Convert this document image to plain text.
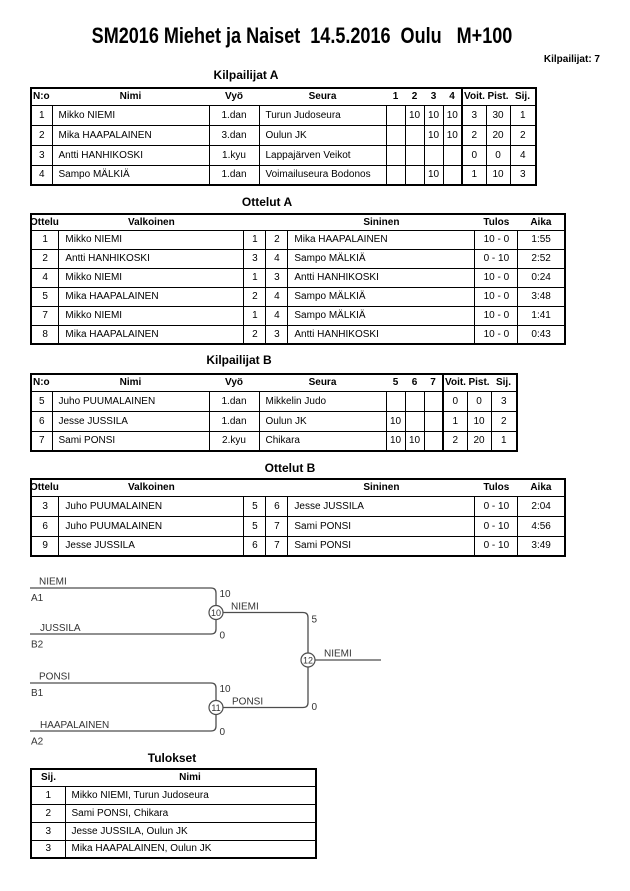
SM2016 Miehet ja Naiset  14.5.2016  Oulu   M+100
Kilpailijat: 7
Kilpailijat A
N:o	Nimi	Vyö	Seura	1	2	3	4	Voit.	Pist.	Sij.
1	Mikko NIEMI	1.dan	Turun Judoseura		10	10	10	3	30	1
2	Mika HAAPALAINEN	3.dan	Oulun JK			10	10	2	20	2
3	Antti HANHIKOSKI	1.kyu	Lappajärven Veikot					0	0	4
4	Sampo MÄLKIÄ	1.dan	Voimailuseura Bodonos			10		1	10	3
Ottelut A
Ottelu	Valkoinen			Sininen	Tulos	Aika
1	Mikko NIEMI	1	2	Mika HAAPALAINEN	10 - 0	1:55
2	Antti HANHIKOSKI	3	4	Sampo MÄLKIÄ	0 - 10	2:52
4	Mikko NIEMI	1	3	Antti HANHIKOSKI	10 - 0	0:24
5	Mika HAAPALAINEN	2	4	Sampo MÄLKIÄ	10 - 0	3:48
7	Mikko NIEMI	1	4	Sampo MÄLKIÄ	10 - 0	1:41
8	Mika HAAPALAINEN	2	3	Antti HANHIKOSKI	10 - 0	0:43
Kilpailijat B
N:o	Nimi	Vyö	Seura	5	6	7	Voit.	Pist.	Sij.
5	Juho PUUMALAINEN	1.dan	Mikkelin Judo				0	0	3
6	Jesse JUSSILA	1.dan	Oulun JK	10			1	10	2
7	Sami PONSI	2.kyu	Chikara	10	10		2	20	1
Ottelut B
Ottelu	Valkoinen			Sininen	Tulos	Aika
3	Juho PUUMALAINEN	5	6	Jesse JUSSILA	0 - 10	2:04
6	Juho PUUMALAINEN	5	7	Sami PONSI	0 - 10	4:56
9	Jesse JUSSILA	6	7	Sami PONSI	0 - 10	3:49
NIEMI
A1	10
JUSSILA
B2
0
10
NIEMI
5
PONSI
B1	10
HAAPALAINEN
A2
0
11
PONSI	0
12
NIEMI
Tulokset
Sij.	Nimi
1	Mikko NIEMI, Turun Judoseura
2	Sami PONSI, Chikara
3	Jesse JUSSILA, Oulun JK
3	Mika HAAPALAINEN, Oulun JK
